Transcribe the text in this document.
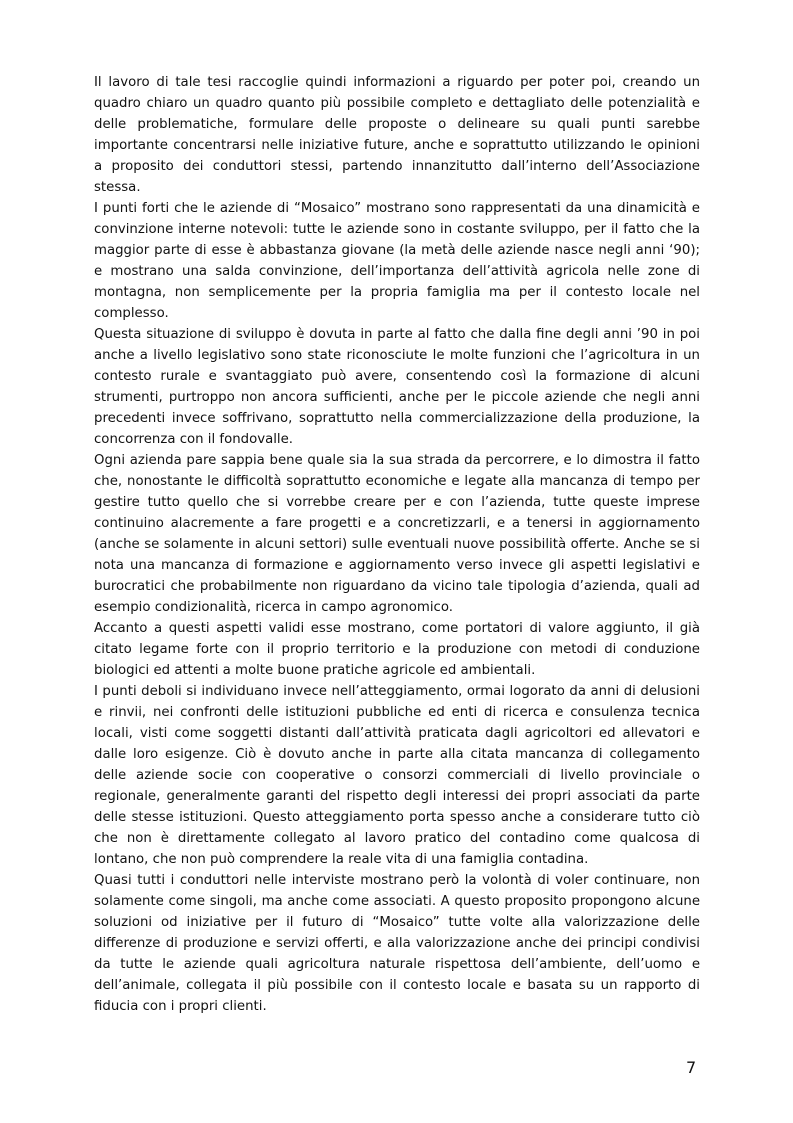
Il lavoro di tale tesi raccoglie quindi informazioni a riguardo per poter poi, creando un quadro chiaro un quadro quanto più possibile completo e dettagliato delle potenzialità e delle problematiche, formulare delle proposte o delineare su quali punti sarebbe importante concentrarsi nelle iniziative future, anche e soprattutto utilizzando le opinioni a proposito dei conduttori stessi, partendo innanzitutto dall’interno dell’Associazione stessa.

I punti forti che le aziende di “Mosaico” mostrano sono rappresentati da una dinamicità e convinzione interne notevoli: tutte le aziende sono in costante sviluppo, per il fatto che la maggior parte di esse è abbastanza giovane (la metà delle aziende nasce negli anni ‘90); e mostrano una salda convinzione, dell’importanza dell’attività agricola nelle zone di montagna, non semplicemente per la propria famiglia ma per il contesto locale nel complesso.

Questa situazione di sviluppo è dovuta in parte al fatto che dalla fine degli anni ’90 in poi anche a livello legislativo sono state riconosciute le molte funzioni che l’agricoltura in un contesto rurale e svantaggiato può avere, consentendo così la formazione di alcuni strumenti, purtroppo non ancora sufficienti, anche per le piccole aziende che negli anni precedenti invece soffrivano, soprattutto nella commercializzazione della produzione, la concorrenza con il fondovalle.

Ogni azienda pare sappia bene quale sia la sua strada da percorrere, e lo dimostra il fatto che, nonostante le difficoltà soprattutto economiche e legate alla mancanza di tempo per gestire tutto quello che si vorrebbe creare per e con l’azienda, tutte queste imprese continuino alacremente a fare progetti e a concretizzarli, e a tenersi in aggiornamento (anche se solamente in alcuni settori) sulle eventuali nuove possibilità offerte. Anche se si nota una mancanza di formazione e aggiornamento verso invece gli aspetti legislativi e burocratici che probabilmente non riguardano da vicino tale tipologia d’azienda, quali ad esempio condizionalità, ricerca in campo agronomico.

Accanto a questi aspetti validi esse mostrano, come portatori di valore aggiunto, il già citato legame forte con il proprio territorio e la produzione con metodi di conduzione biologici ed attenti a molte buone pratiche agricole ed ambientali.

I punti deboli si individuano invece nell’atteggiamento, ormai logorato da anni di delusioni e rinvii, nei confronti delle istituzioni pubbliche ed enti di ricerca e consulenza tecnica locali, visti come soggetti distanti dall’attività praticata dagli agricoltori ed allevatori e dalle loro esigenze. Ciò è dovuto anche in parte alla citata mancanza di collegamento delle aziende socie con cooperative o consorzi commerciali di livello provinciale o regionale, generalmente garanti del rispetto degli interessi dei propri associati da parte delle stesse istituzioni. Questo atteggiamento porta spesso anche a considerare tutto ciò che non è direttamente collegato al lavoro pratico del contadino come qualcosa di lontano, che non può comprendere la reale vita di una famiglia contadina.

Quasi tutti i conduttori nelle interviste mostrano però la volontà di voler continuare, non solamente come singoli, ma anche come associati. A questo proposito propongono alcune soluzioni od iniziative per il futuro di “Mosaico” tutte volte alla valorizzazione delle differenze di produzione e servizi offerti, e alla valorizzazione anche dei principi condivisi da tutte le aziende quali agricoltura naturale rispettosa dell’ambiente, dell’uomo e dell’animale, collegata il più possibile con il contesto locale e basata su un rapporto di fiducia con i propri clienti.

7
